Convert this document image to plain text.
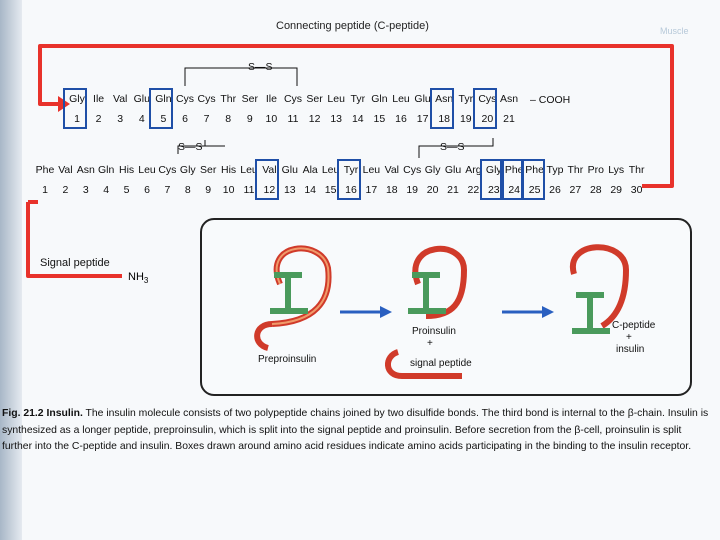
Connecting peptide (C-peptide)	Muscle
S—S
S—S	S—S
Gly
1
Ile
2
Val
3
Glu
4
Gln
5
Cys
6
Cys
7
Thr
8
Ser
9
Ile
10
Cys
11
Ser
12
Leu
13
Tyr
14
Gln
15
Leu
16
Glu
17
Asn
18
Tyr
19
Cys
20
Asn
21
– COOH
Phe
1
Val
2
Asn
3
Gln
4
His
5
Leu
6
Cys
7
Gly
8
Ser
9
His
10
Leu
11
Val
12
Glu
13
Ala
14
Leu
15
Tyr
16
Leu
17
Val
18
Cys
19
Gly
20
Glu
21
Arg
22
Gly
23
Phe
24
Phe
25
Typ
26
Thr
27
Pro
28
Lys
29
Thr
30
Signal peptide
$NH_3$
Preproinsulin
Proinsulin
+
signal peptide
C-peptide
+
insulin
Fig. 21.2 Insulin. The insulin molecule consists of two polypeptide chains joined by two disulfide bonds. The third bond is internal to the β-chain. Insulin is synthesized as a longer peptide, preproinsulin, which is split into the signal peptide and proinsulin. Before secretion from the β-cell, proinsulin is split further into the C-peptide and insulin. Boxes drawn around amino acid residues indicate amino acids participating in the binding to the insulin receptor.
